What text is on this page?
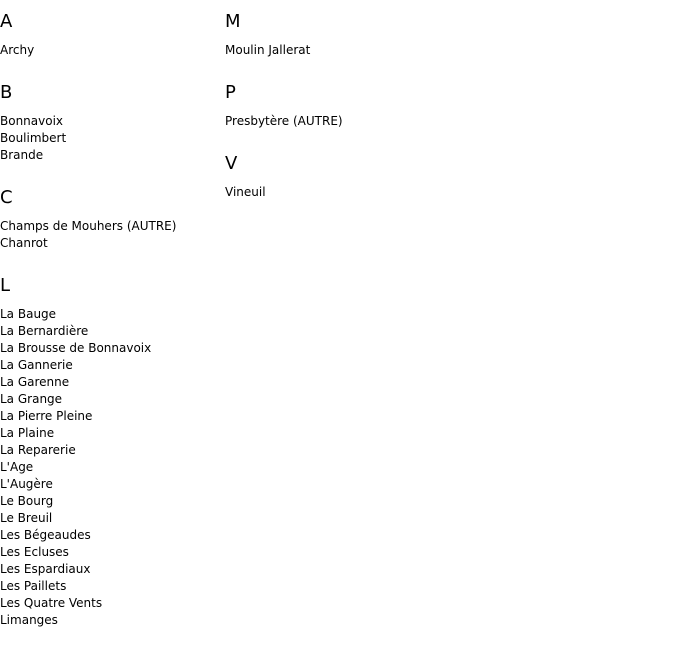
A
Archy
B
Bonnavoix
Boulimbert
Brande
C
Champs de Mouhers (AUTRE)
Chanrot
L
La Bauge
La Bernardière
La Brousse de Bonnavoix
La Gannerie
La Garenne
La Grange
La Pierre Pleine
La Plaine
La Reparerie
L'Age
L'Augère
Le Bourg
Le Breuil
Les Bégeaudes
Les Ecluses
Les Espardiaux
Les Paillets
Les Quatre Vents
Limanges
M
Moulin Jallerat
P
Presbytère (AUTRE)
V
Vineuil
